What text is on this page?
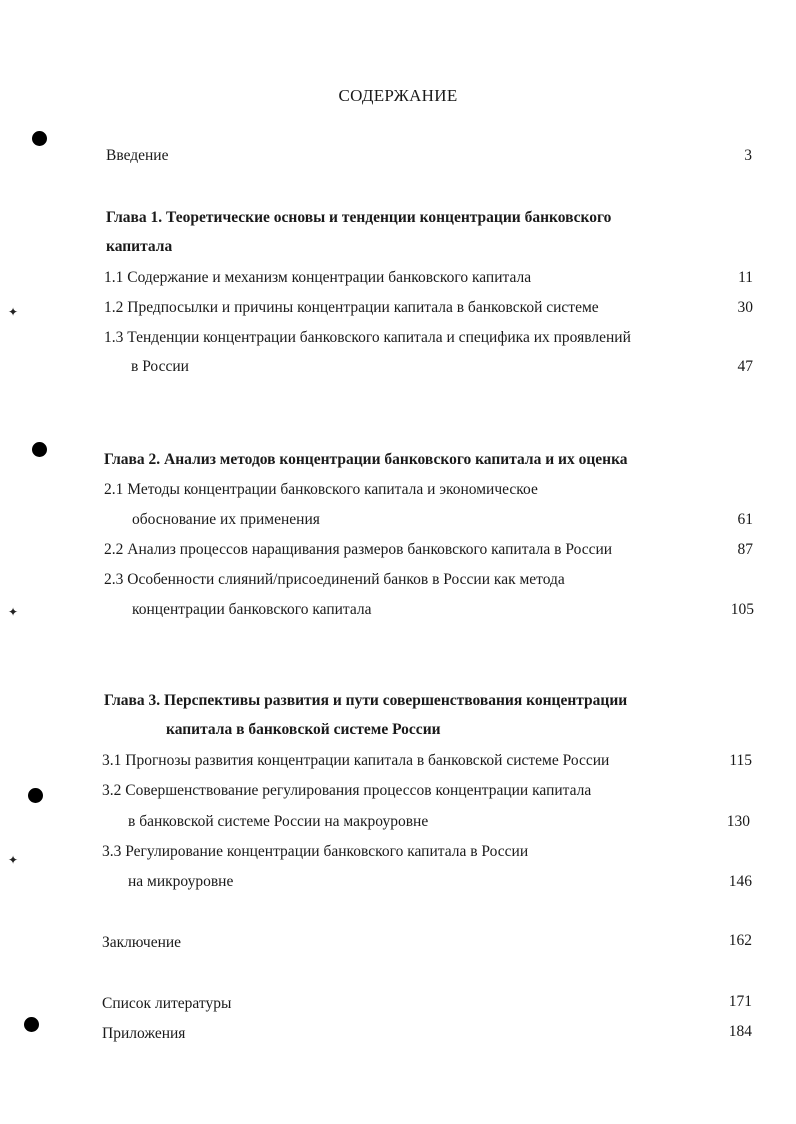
✦
✦
✦
СОДЕРЖАНИЕ
Введение	3
Глава 1. Теоретические основы и тенденции концентрации банковского
капитала
1.1 Содержание и механизм концентрации банковского капитала	11
1.2 Предпосылки и причины концентрации капитала в банковской системе	30
1.3 Тенденции концентрации банковского капитала и специфика их проявлений
в России	47
Глава 2. Анализ методов концентрации банковского капитала и их оценка
2.1 Методы концентрации банковского капитала и экономическое
обоснование их применения	61
2.2 Анализ процессов наращивания размеров банковского капитала в России	87
2.3 Особенности слияний/присоединений банков в России как метода
концентрации банковского капитала	105
Глава 3. Перспективы развития и пути совершенствования концентрации
капитала в банковской системе России
3.1 Прогнозы развития концентрации капитала в банковской системе России	115
3.2 Совершенствование регулирования процессов концентрации капитала
в банковской системе России на макроуровне	130
3.3 Регулирование концентрации банковского капитала в России
на микроуровне	146
Заключение	162
Список литературы	171
Приложения	184
